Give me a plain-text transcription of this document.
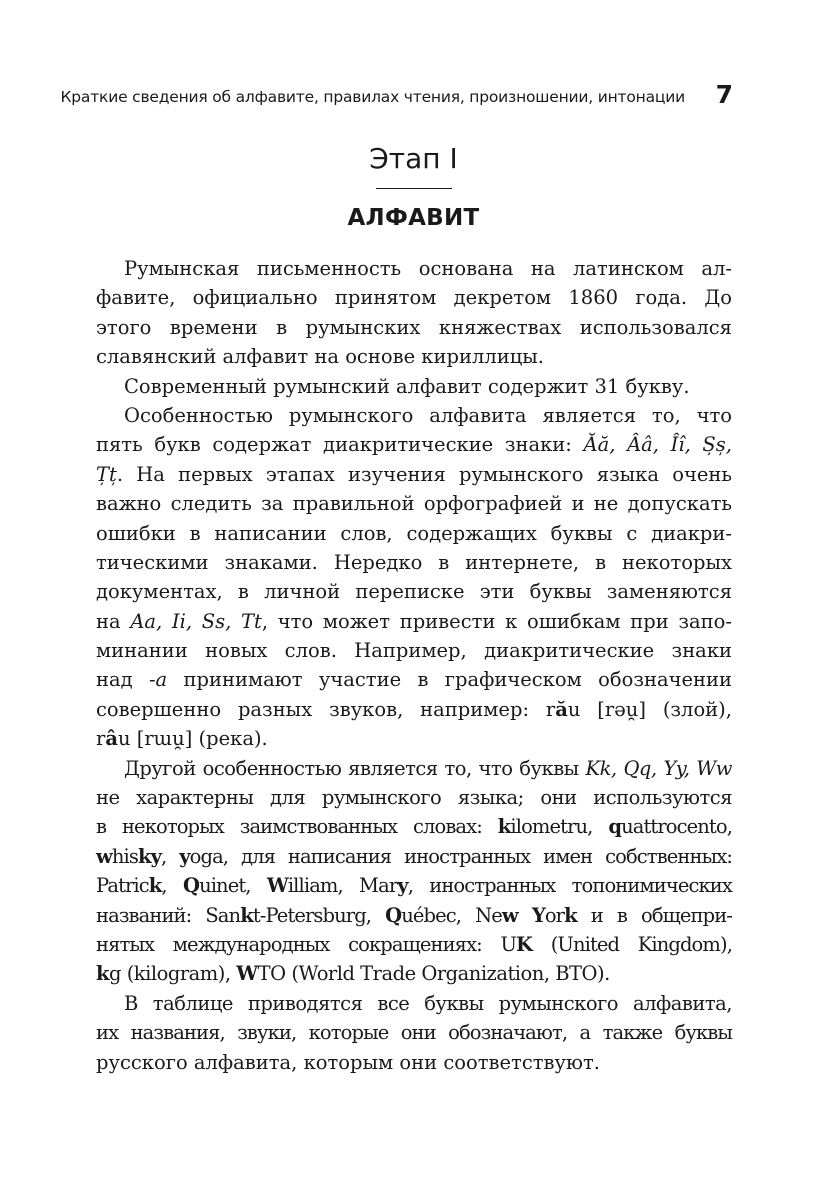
Краткие сведения об алфавите, правилах чтения, произношении, интонации 7
Этап I
АЛФАВИТ
Румынская письменность основана на латинском ал-
фавите, официально принятом декретом 1860 года. До
этого времени в румынских княжествах использовался
славянский алфавит на основе кириллицы.
Современный румынский алфавит содержит 31 букву.
Особенностью румынского алфавита является то, что
пять букв содержат диакритические знаки: Ăă, Ââ, Îî, Șș,
Țț. На первых этапах изучения румынского языка очень
важно следить за правильной орфографией и не допускать
ошибки в написании слов, содержащих буквы с диакри-
тическими знаками. Нередко в интернете, в некоторых
документах, в личной переписке эти буквы заменяются
на Aa, Ii, Ss, Tt, что может привести к ошибкам при запо-
минании новых слов. Например, диакритические знаки
над -a принимают участие в графическом обозначении
совершенно разных звуков, например: rău [rəu̯] (злой),
râu [rɯu̯] (река).
Другой особенностью является то, что буквы Kk, Qq, Yy, Ww
не характерны для румынского языка; они используются
в некоторых заимствованных словах: kilometru, quattrocento,
whisky, yoga, для написания иностранных имен собственных:
Patrick, Quinet, William, Mary, иностранных топонимических
названий: Sankt-Petersburg, Québec, New York и в общепри-
нятых международных сокращениях: UK (United Kingdom),
kg (kilogram), WTO (World Trade Organization, ВТО).
В таблице приводятся все буквы румынского алфавита,
их названия, звуки, которые они обозначают, а также буквы
русского алфавита, которым они соответствуют.
